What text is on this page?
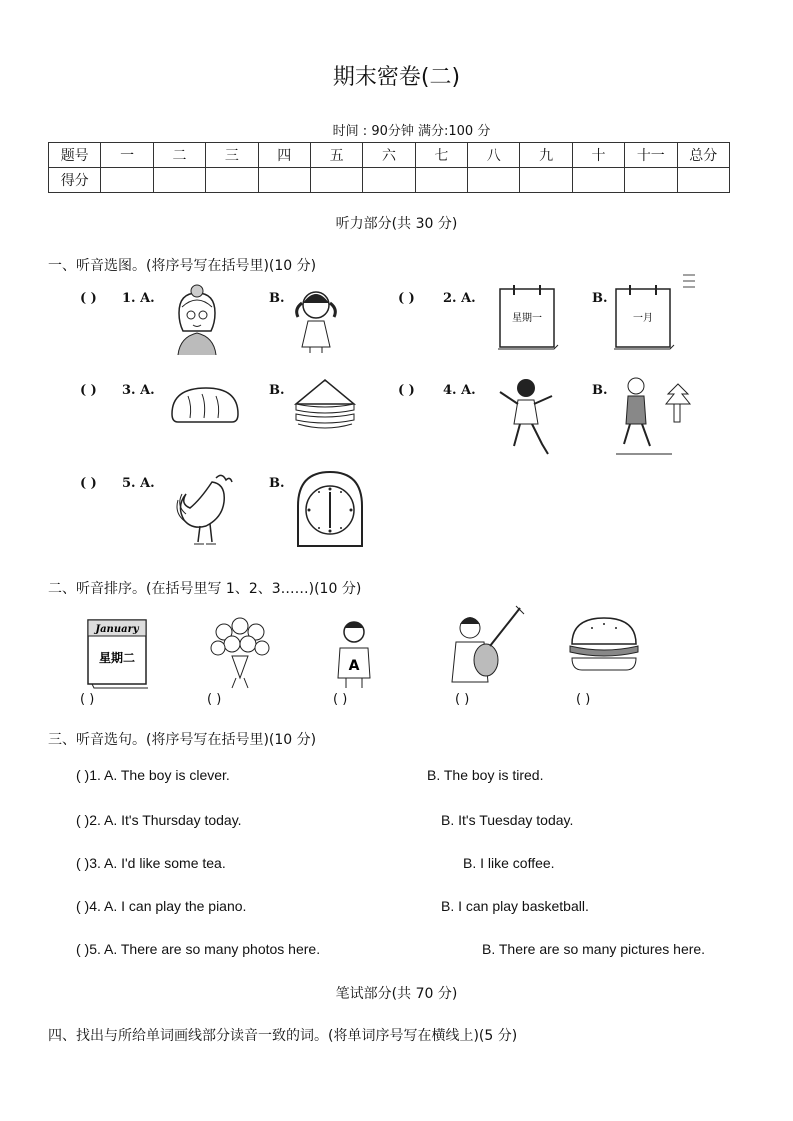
期末密卷(二)
时间 : 90分钟 满分:100 分
题号	一	二	三	四	五	六	七	八	九	十	十一	总分
得分												
听力部分(共 30 分)
一、听音选图。(将序号写在括号里)(10 分)
( ) 1. A.	B.	( ) 2. A.
星期一
B.
一月
( ) 3. A.	B.	( ) 4. A.	B.
( ) 5. A.	B.
二、听音排序。(在括号里写 1、2、3……)(10 分)
January
星期二	A
( )	( )	( )	( )	( )
三、听音选句。(将序号写在括号里)(10 分)
( )1. A. The boy is clever.	B. The boy is tired.
( )2. A. It's Thursday today.	B. It's Tuesday today.
( )3. A. I'd like some tea.	B. I like coffee.
( )4. A. I can play the piano.	B. I can play basketball.
( )5. A. There are so many photos here.	B. There are so many pictures here.
笔试部分(共 70 分)
四、找出与所给单词画线部分读音一致的词。(将单词序号写在横线上)(5 分)
